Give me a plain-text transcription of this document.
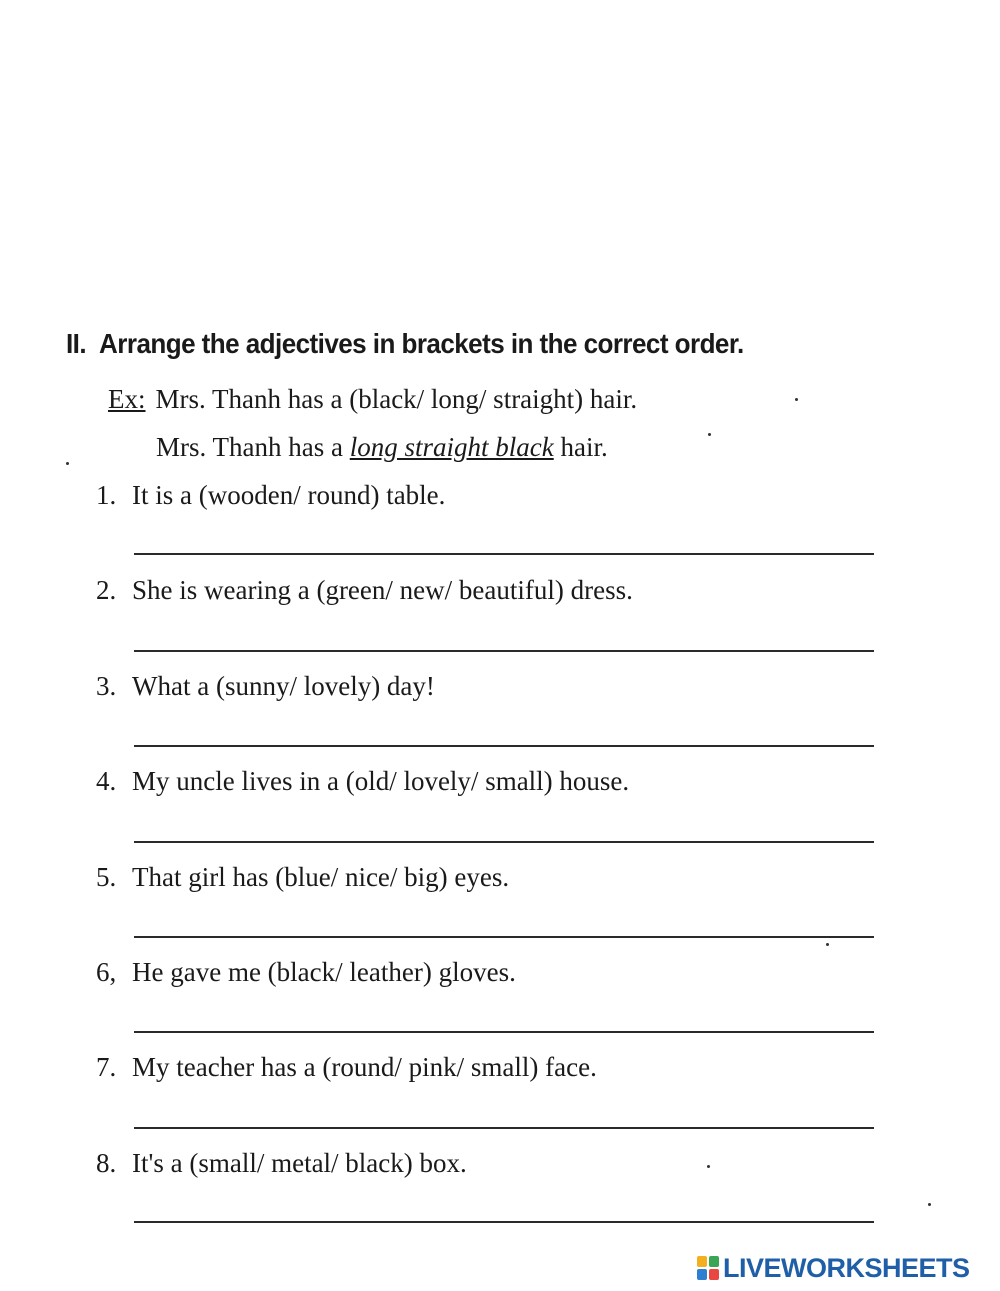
II. Arrange the adjectives in brackets in the correct order.
Ex: Mrs. Thanh has a (black/ long/ straight) hair.
Mrs. Thanh has a long straight black hair.
1. It is a (wooden/ round) table.
2. She is wearing a (green/ new/ beautiful) dress.
3. What a (sunny/ lovely) day!
4. My uncle lives in a (old/ lovely/ small) house.
5. That girl has (blue/ nice/ big) eyes.
6, He gave me (black/ leather) gloves.
7. My teacher has a (round/ pink/ small) face.
8. It's a (small/ metal/ black) box.
LIVEWORKSHEETS
